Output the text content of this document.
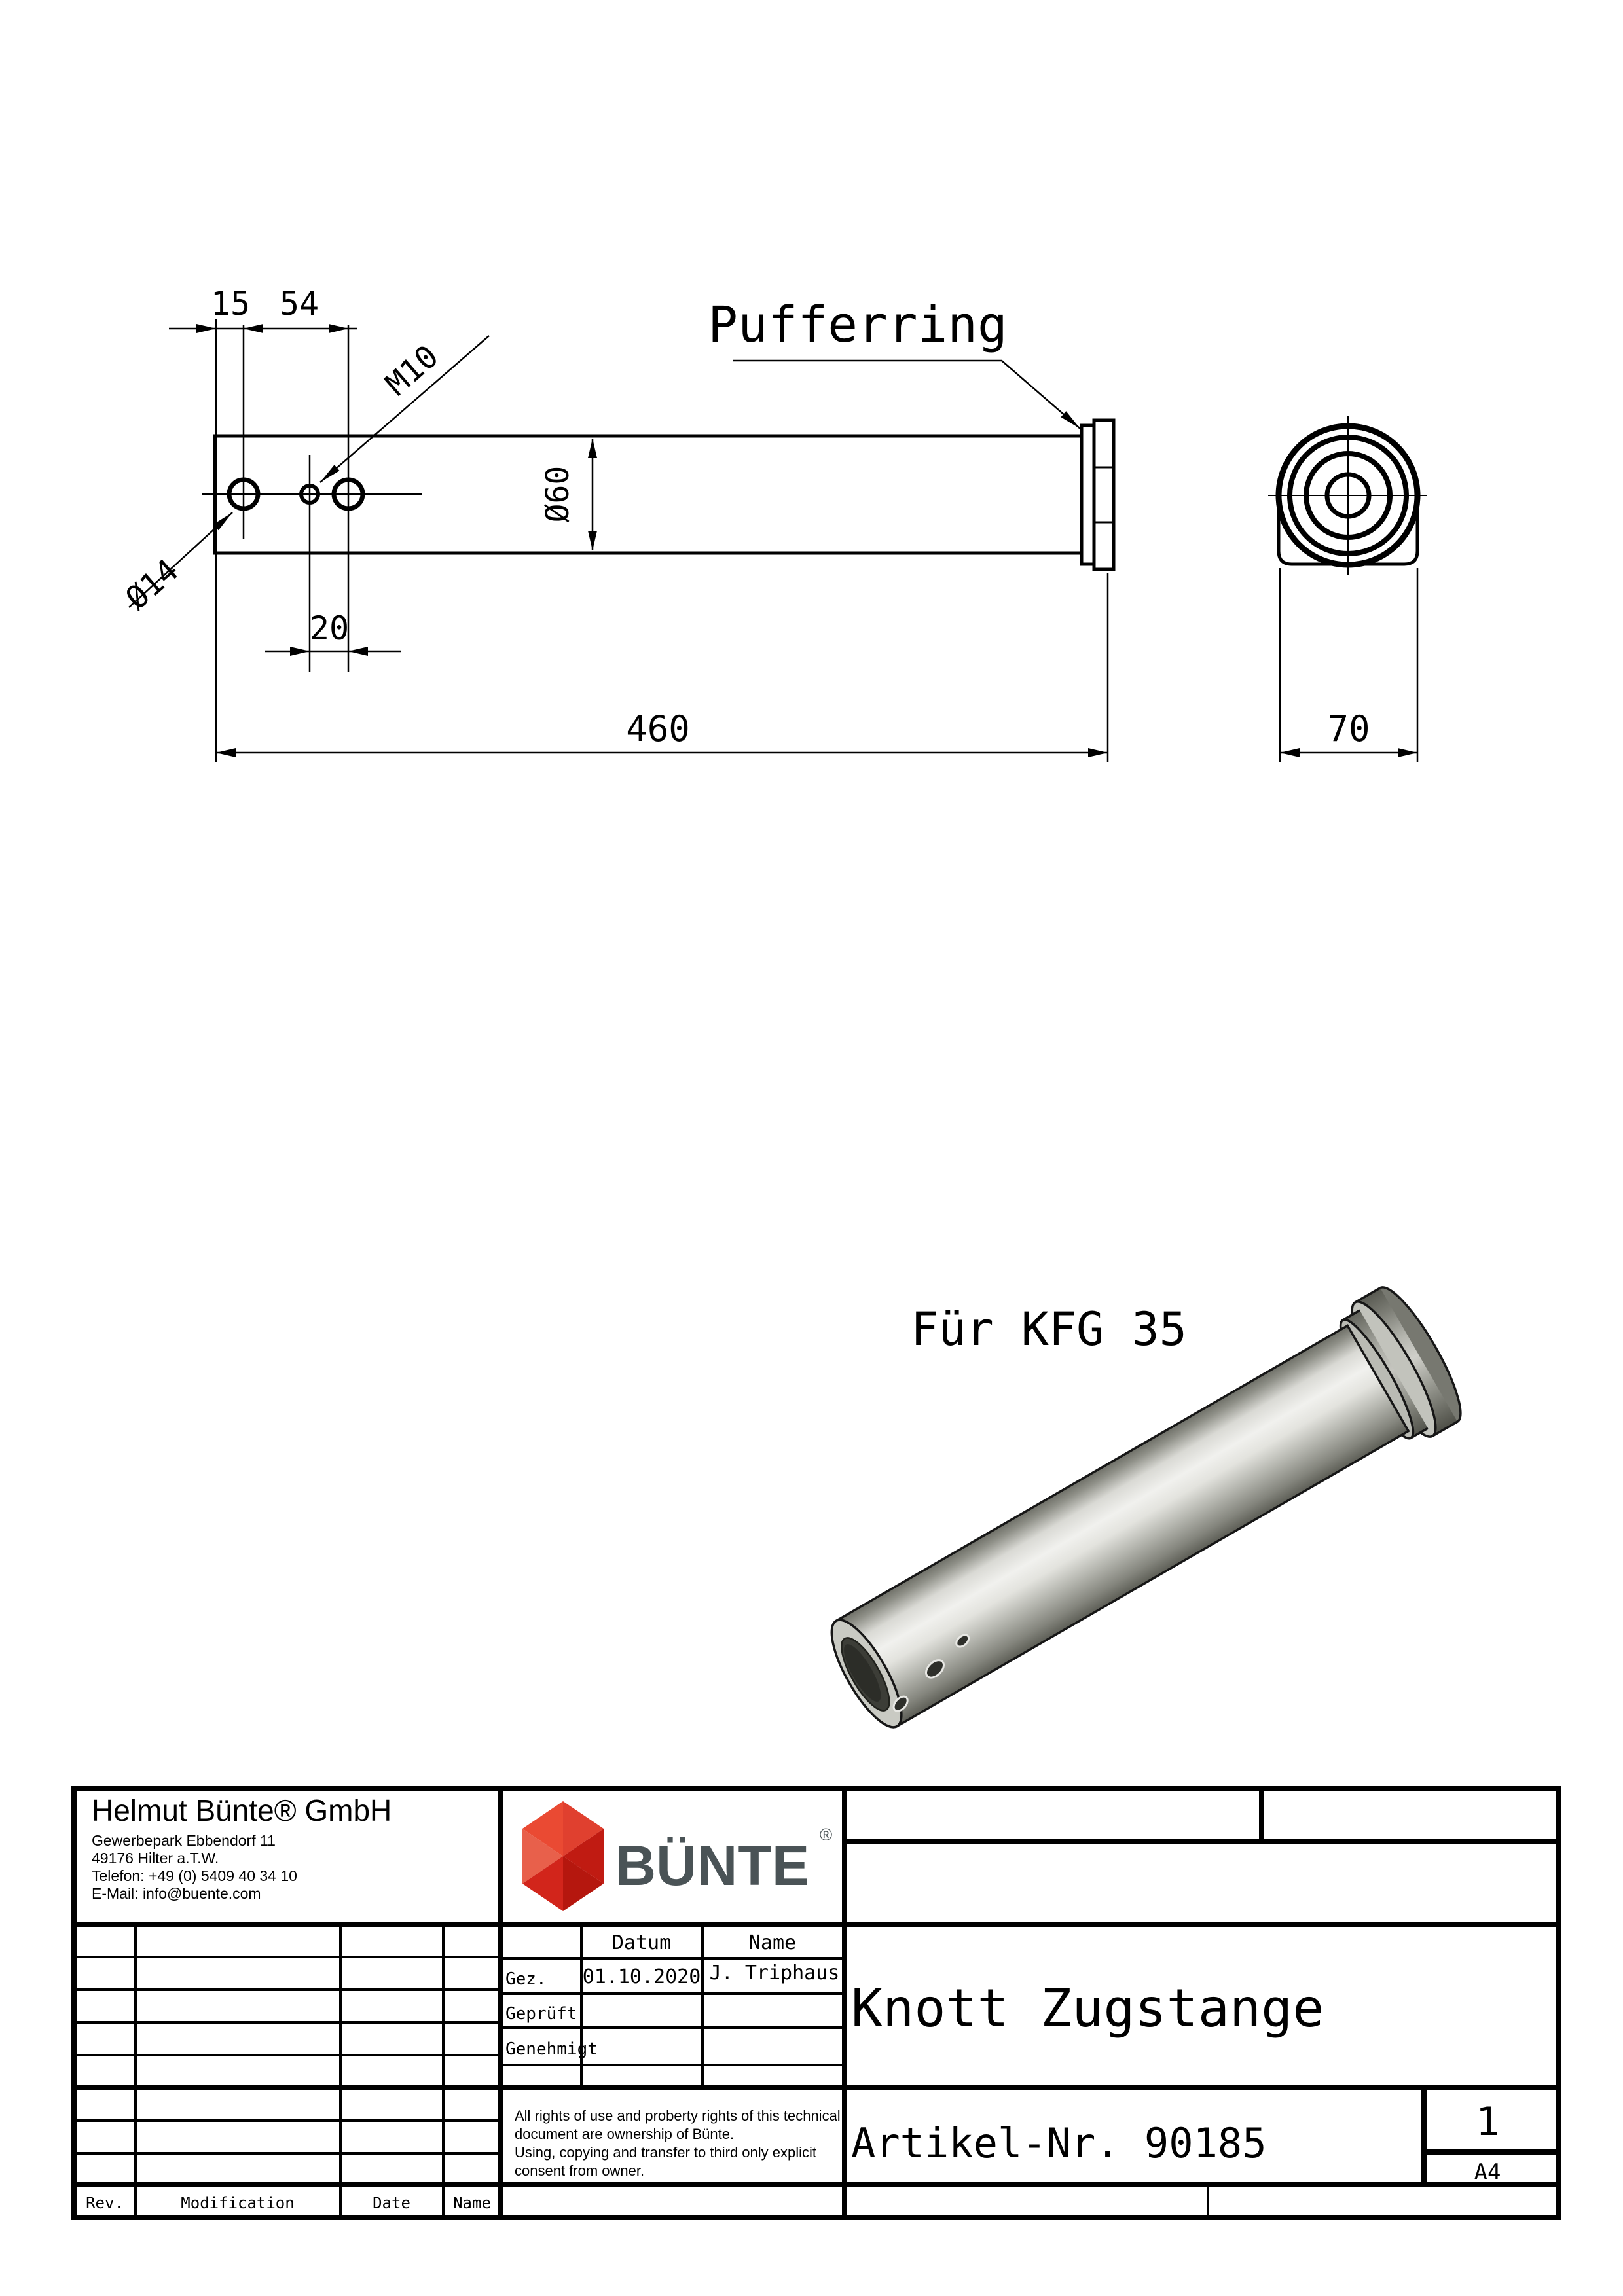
15 54
20
460
Ø60
Pufferring
M10
Ø14
70
Für KFG 35
Helmut Bünte® GmbH
Gewerbepark Ebbendorf 11
49176 Hilter a.T.W.
Telefon: +49 (0) 5409 40 34 10
E-Mail: info@buente.com	BÜNTE ®
Datum	Name
Gez. 01.10.2020 J. Triphaus
Geprüft
Genehmigt
All rights of use and proberty rights of this technical
document are ownership of Bünte.
Using, copying and transfer to third only explicit
consent from owner.
Knott Zugstange
Artikel-Nr. 90185	1
A4
Rev.	Modification	Date	Name
